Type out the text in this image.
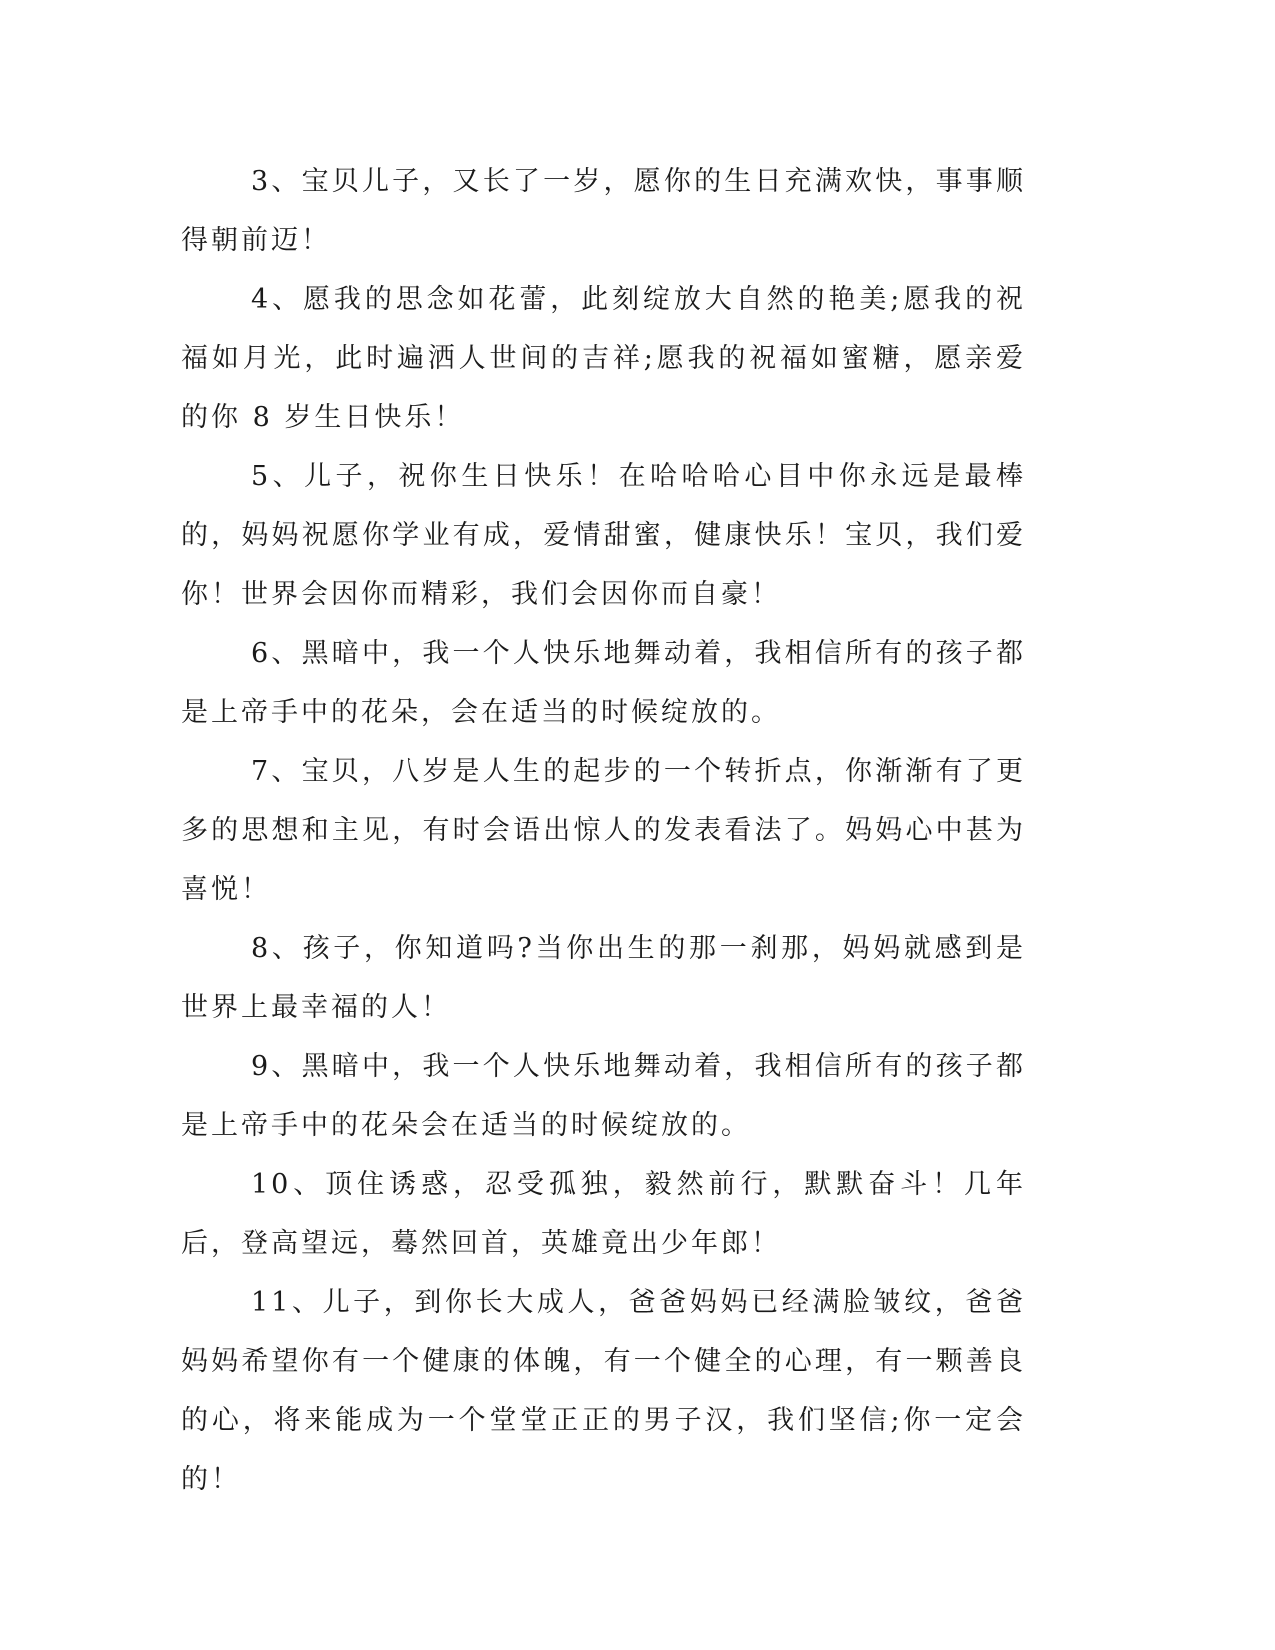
3、宝贝儿子，又长了一岁，愿你的生日充满欢快，事事顺得朝前迈！

4、愿我的思念如花蕾，此刻绽放大自然的艳美;愿我的祝福如月光，此时遍洒人世间的吉祥;愿我的祝福如蜜糖，愿亲爱的你 8 岁生日快乐！

5、儿子，祝你生日快乐！在哈哈哈心目中你永远是最棒的，妈妈祝愿你学业有成，爱情甜蜜，健康快乐！宝贝，我们爱你！世界会因你而精彩，我们会因你而自豪！

6、黑暗中，我一个人快乐地舞动着，我相信所有的孩子都是上帝手中的花朵，会在适当的时候绽放的。

7、宝贝，八岁是人生的起步的一个转折点，你渐渐有了更多的思想和主见，有时会语出惊人的发表看法了。妈妈心中甚为喜悦！

8、孩子，你知道吗?当你出生的那一刹那，妈妈就感到是世界上最幸福的人！

9、黑暗中，我一个人快乐地舞动着，我相信所有的孩子都是上帝手中的花朵会在适当的时候绽放的。

10、顶住诱惑，忍受孤独，毅然前行，默默奋斗！几年后，登高望远，蓦然回首，英雄竟出少年郎！

11、儿子，到你长大成人，爸爸妈妈已经满脸皱纹，爸爸妈妈希望你有一个健康的体魄，有一个健全的心理，有一颗善良的心，将来能成为一个堂堂正正的男子汉，我们坚信;你一定会的！
